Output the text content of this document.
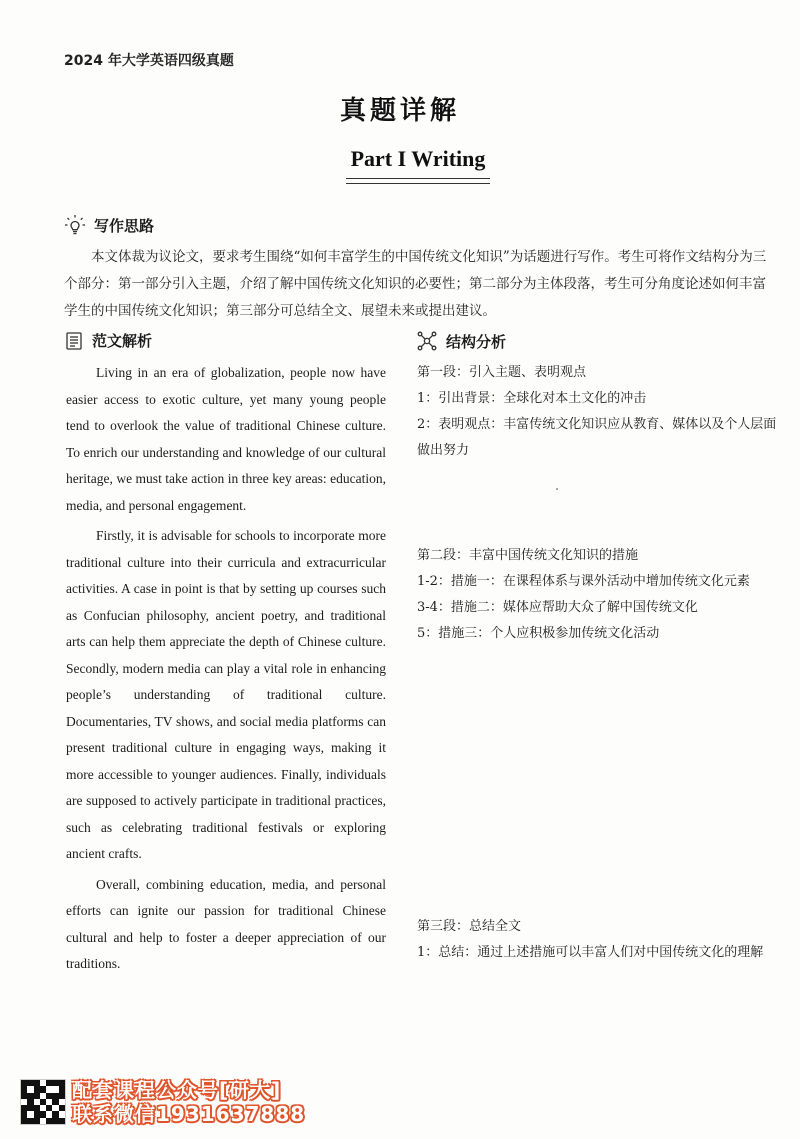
2024 年大学英语四级真题
真题详解
Part I Writing
写作思路

本文体裁为议论文，要求考生围绕“如何丰富学生的中国传统文化知识”为话题进行写作。考生可将作文结构分为三个部分：第一部分引入主题，介绍了解中国传统文化知识的必要性；第二部分为主体段落，考生可分角度论述如何丰富学生的中国传统文化知识；第三部分可总结全文、展望未来或提出建议。

范文解析

Living in an era of globalization, people now have easier access to exotic culture, yet many young people tend to overlook the value of traditional Chinese culture. To enrich our understanding and knowledge of our cultural heritage, we must take action in three key areas: education, media, and personal engagement.

Firstly, it is advisable for schools to incorporate more traditional culture into their curricula and extracurricular activities. A case in point is that by setting up courses such as Confucian philosophy, ancient poetry, and traditional arts can help them appreciate the depth of Chinese culture. Secondly, modern media can play a vital role in enhancing people’s understanding of traditional culture. Documentaries, TV shows, and social media platforms can present traditional culture in engaging ways, making it more accessible to younger audiences. Finally, individuals are supposed to actively participate in traditional practices, such as celebrating traditional festivals or exploring ancient crafts.

Overall, combining education, media, and personal efforts can ignite our passion for traditional Chinese cultural and help to foster a deeper appreciation of our traditions.

结构分析
第一段：引入主题、表明观点
1：引出背景：全球化对本土文化的冲击
2：表明观点：丰富传统文化知识应从教育、媒体以及个人层面做出努力
第二段：丰富中国传统文化知识的措施
1-2：措施一：在课程体系与课外活动中增加传统文化元素
3-4：措施二：媒体应帮助大众了解中国传统文化
5：措施三：个人应积极参加传统文化活动
第三段：总结全文
1：总结：通过上述措施可以丰富人们对中国传统文化的理解
配套课程公众号[研大]
联系微信1931637888
